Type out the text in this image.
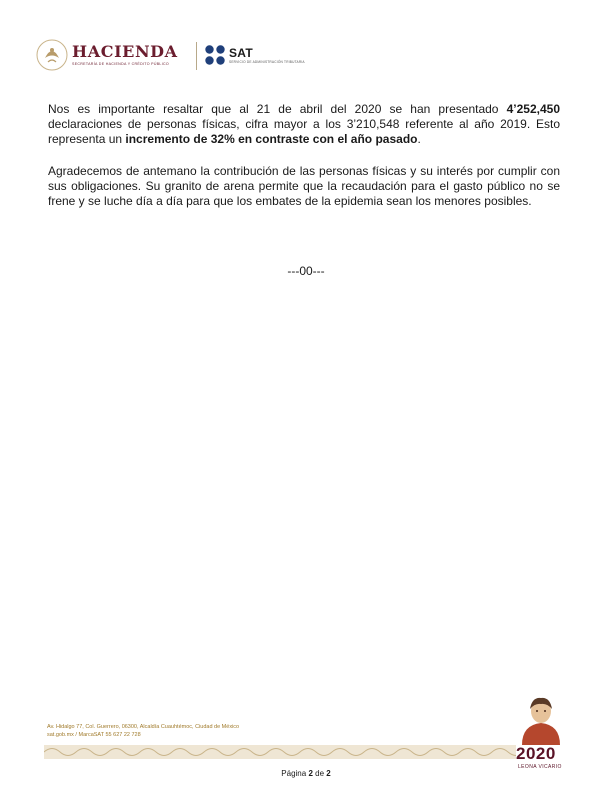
HACIENDA
SECRETARÍA DE HACIENDA Y CRÉDITO PÚBLICO
SAT
SERVICIO DE ADMINISTRACIÓN TRIBUTARIA

Nos es importante resaltar que al 21 de abril del 2020 se han presentado 4’252,450 declaraciones de personas físicas, cifra mayor a los 3’210,548 referente al año 2019. Esto representa un incremento de 32% en contraste con el año pasado.

Agradecemos de antemano la contribución de las personas físicas y su interés por cumplir con sus obligaciones. Su granito de arena permite que la recaudación para el gasto público no se frene y se luche día a día para que los embates de la epidemia sean los menores posibles.

---00---
Av. Hidalgo 77, Col. Guerrero, 06300, Alcaldía Cuauhtémoc, Ciudad de México
sat.gob.mx / MarcaSAT 55 627 22 728
2020
LEONA VICARIO
Página 2 de 2
